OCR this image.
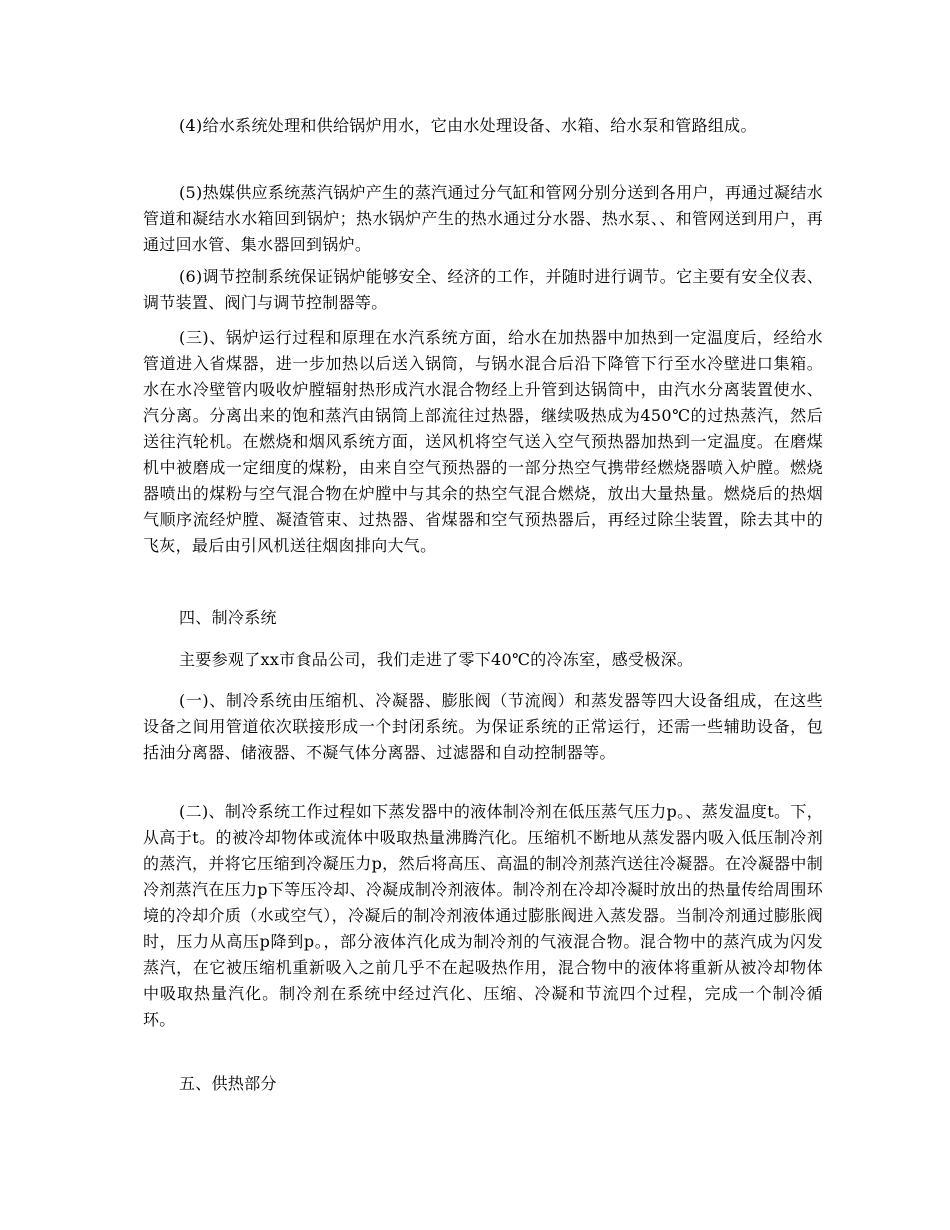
(4)给水系统处理和供给锅炉用水，它由水处理设备、水箱、给水泵和管路组成。

(5)热媒供应系统蒸汽锅炉产生的蒸汽通过分气缸和管网分别分送到各用户，再通过凝结水管道和凝结水水箱回到锅炉；热水锅炉产生的热水通过分水器、热水泵、、和管网送到用户，再通过回水管、集水器回到锅炉。

(6)调节控制系统保证锅炉能够安全、经济的工作，并随时进行调节。它主要有安全仪表、调节装置、阀门与调节控制器等。

(三)、锅炉运行过程和原理在水汽系统方面，给水在加热器中加热到一定温度后，经给水管道进入省煤器，进一步加热以后送入锅筒，与锅水混合后沿下降管下行至水冷壁进口集箱。水在水冷壁管内吸收炉膛辐射热形成汽水混合物经上升管到达锅筒中，由汽水分离装置使水、汽分离。分离出来的饱和蒸汽由锅筒上部流往过热器，继续吸热成为450℃的过热蒸汽，然后送往汽轮机。在燃烧和烟风系统方面，送风机将空气送入空气预热器加热到一定温度。在磨煤机中被磨成一定细度的煤粉，由来自空气预热器的一部分热空气携带经燃烧器喷入炉膛。燃烧器喷出的煤粉与空气混合物在炉膛中与其余的热空气混合燃烧，放出大量热量。燃烧后的热烟气顺序流经炉膛、凝渣管束、过热器、省煤器和空气预热器后，再经过除尘装置，除去其中的飞灰，最后由引风机送往烟囱排向大气。

四、制冷系统

主要参观了xx市食品公司，我们走进了零下40℃的冷冻室，感受极深。

(一)、制冷系统由压缩机、冷凝器、膨胀阀（节流阀）和蒸发器等四大设备组成，在这些设备之间用管道依次联接形成一个封闭系统。为保证系统的正常运行，还需一些辅助设备，包括油分离器、储液器、不凝气体分离器、过滤器和自动控制器等。

(二)、制冷系统工作过程如下蒸发器中的液体制冷剂在低压蒸气压力p。、蒸发温度t。下，从高于t。的被冷却物体或流体中吸取热量沸腾汽化。压缩机不断地从蒸发器内吸入低压制冷剂的蒸汽，并将它压缩到冷凝压力p，然后将高压、高温的制冷剂蒸汽送往冷凝器。在冷凝器中制冷剂蒸汽在压力p下等压冷却、冷凝成制冷剂液体。制冷剂在冷却冷凝时放出的热量传给周围环境的冷却介质（水或空气），冷凝后的制冷剂液体通过膨胀阀进入蒸发器。当制冷剂通过膨胀阀时，压力从高压p降到p。，部分液体汽化成为制冷剂的气液混合物。混合物中的蒸汽成为闪发蒸汽，在它被压缩机重新吸入之前几乎不在起吸热作用，混合物中的液体将重新从被冷却物体中吸取热量汽化。制冷剂在系统中经过汽化、压缩、冷凝和节流四个过程，完成一个制冷循环。

五、供热部分
